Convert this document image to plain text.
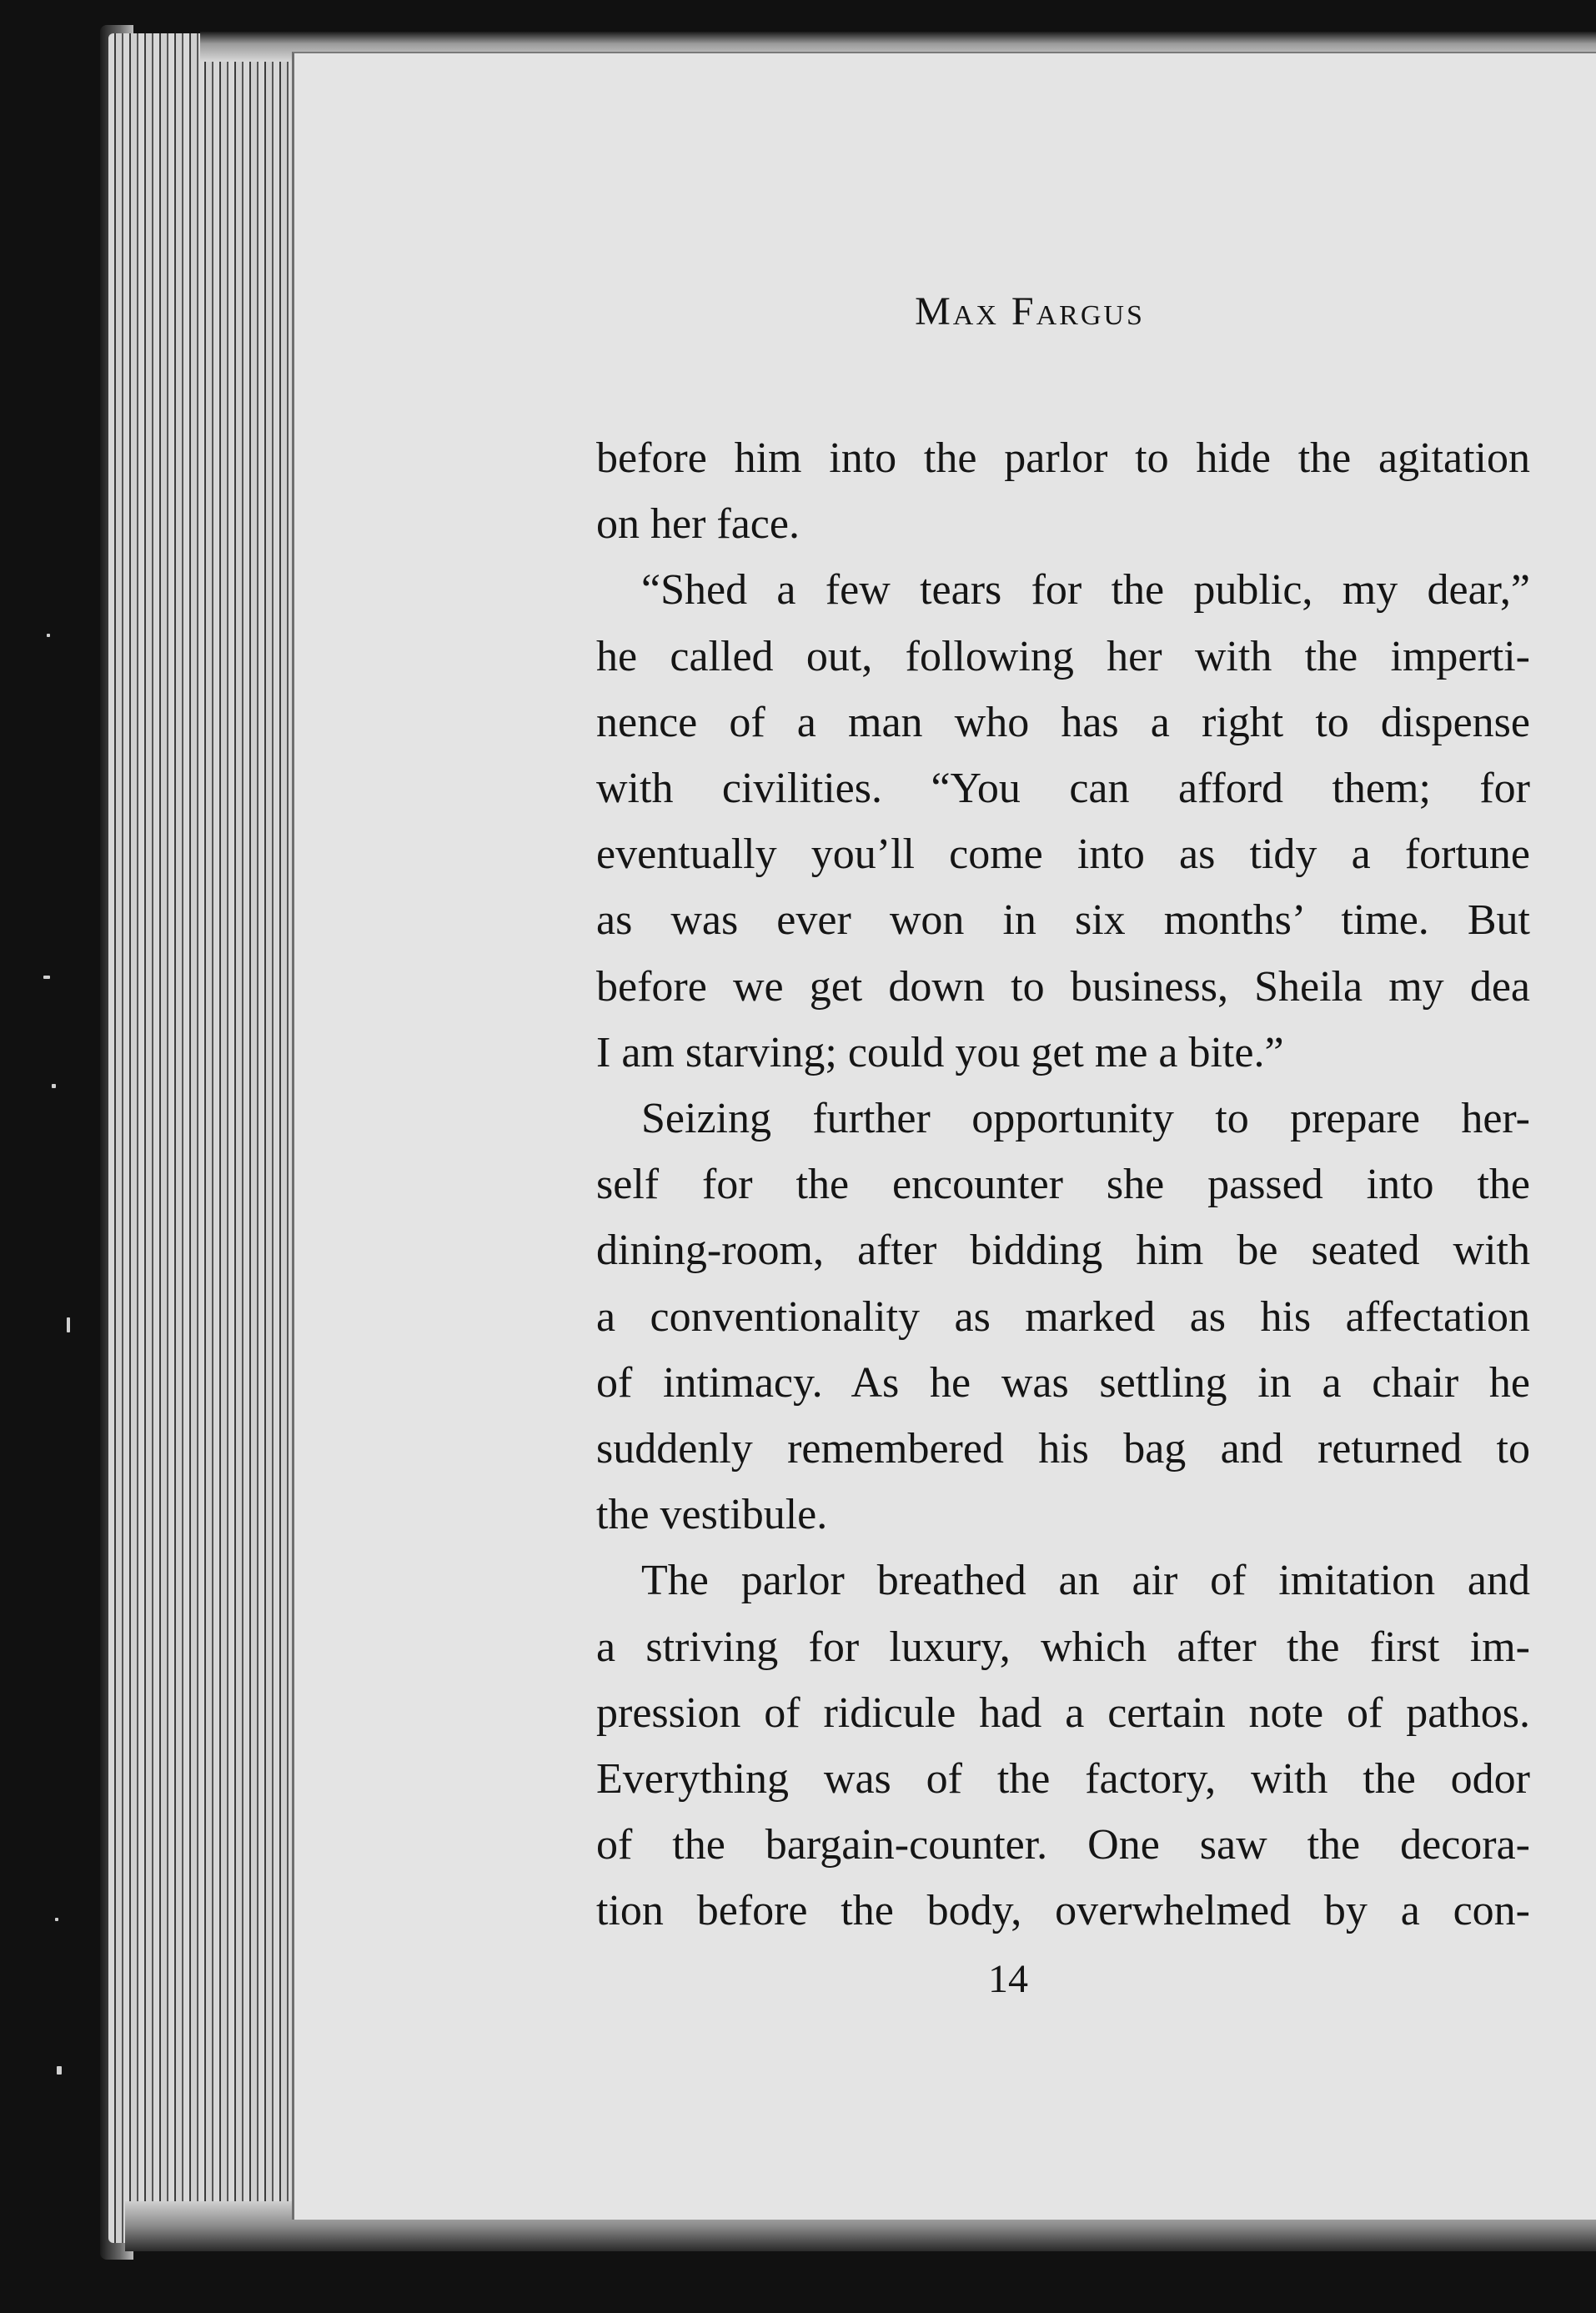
Max Fargus

before him into the parlor to hide the agitation

on her face.

“Shed a few tears for the public, my dear,”

he called out, following her with the imperti-

nence of a man who has a right to dispense

with civilities. “You can afford them; for

eventually you’ll come into as tidy a fortune

as was ever won in six months’ time. But

before we get down to business, Sheila my dea

I am starving; could you get me a bite.”

Seizing further opportunity to prepare her-

self for the encounter she passed into the

dining-room, after bidding him be seated with

a conventionality as marked as his affectation

of intimacy. As he was settling in a chair he

suddenly remembered his bag and returned to

the vestibule.

The parlor breathed an air of imitation and

a striving for luxury, which after the first im-

pression of ridicule had a certain note of pathos.

Everything was of the factory, with the odor

of the bargain-counter. One saw the decora-

tion before the body, overwhelmed by a con-

14
